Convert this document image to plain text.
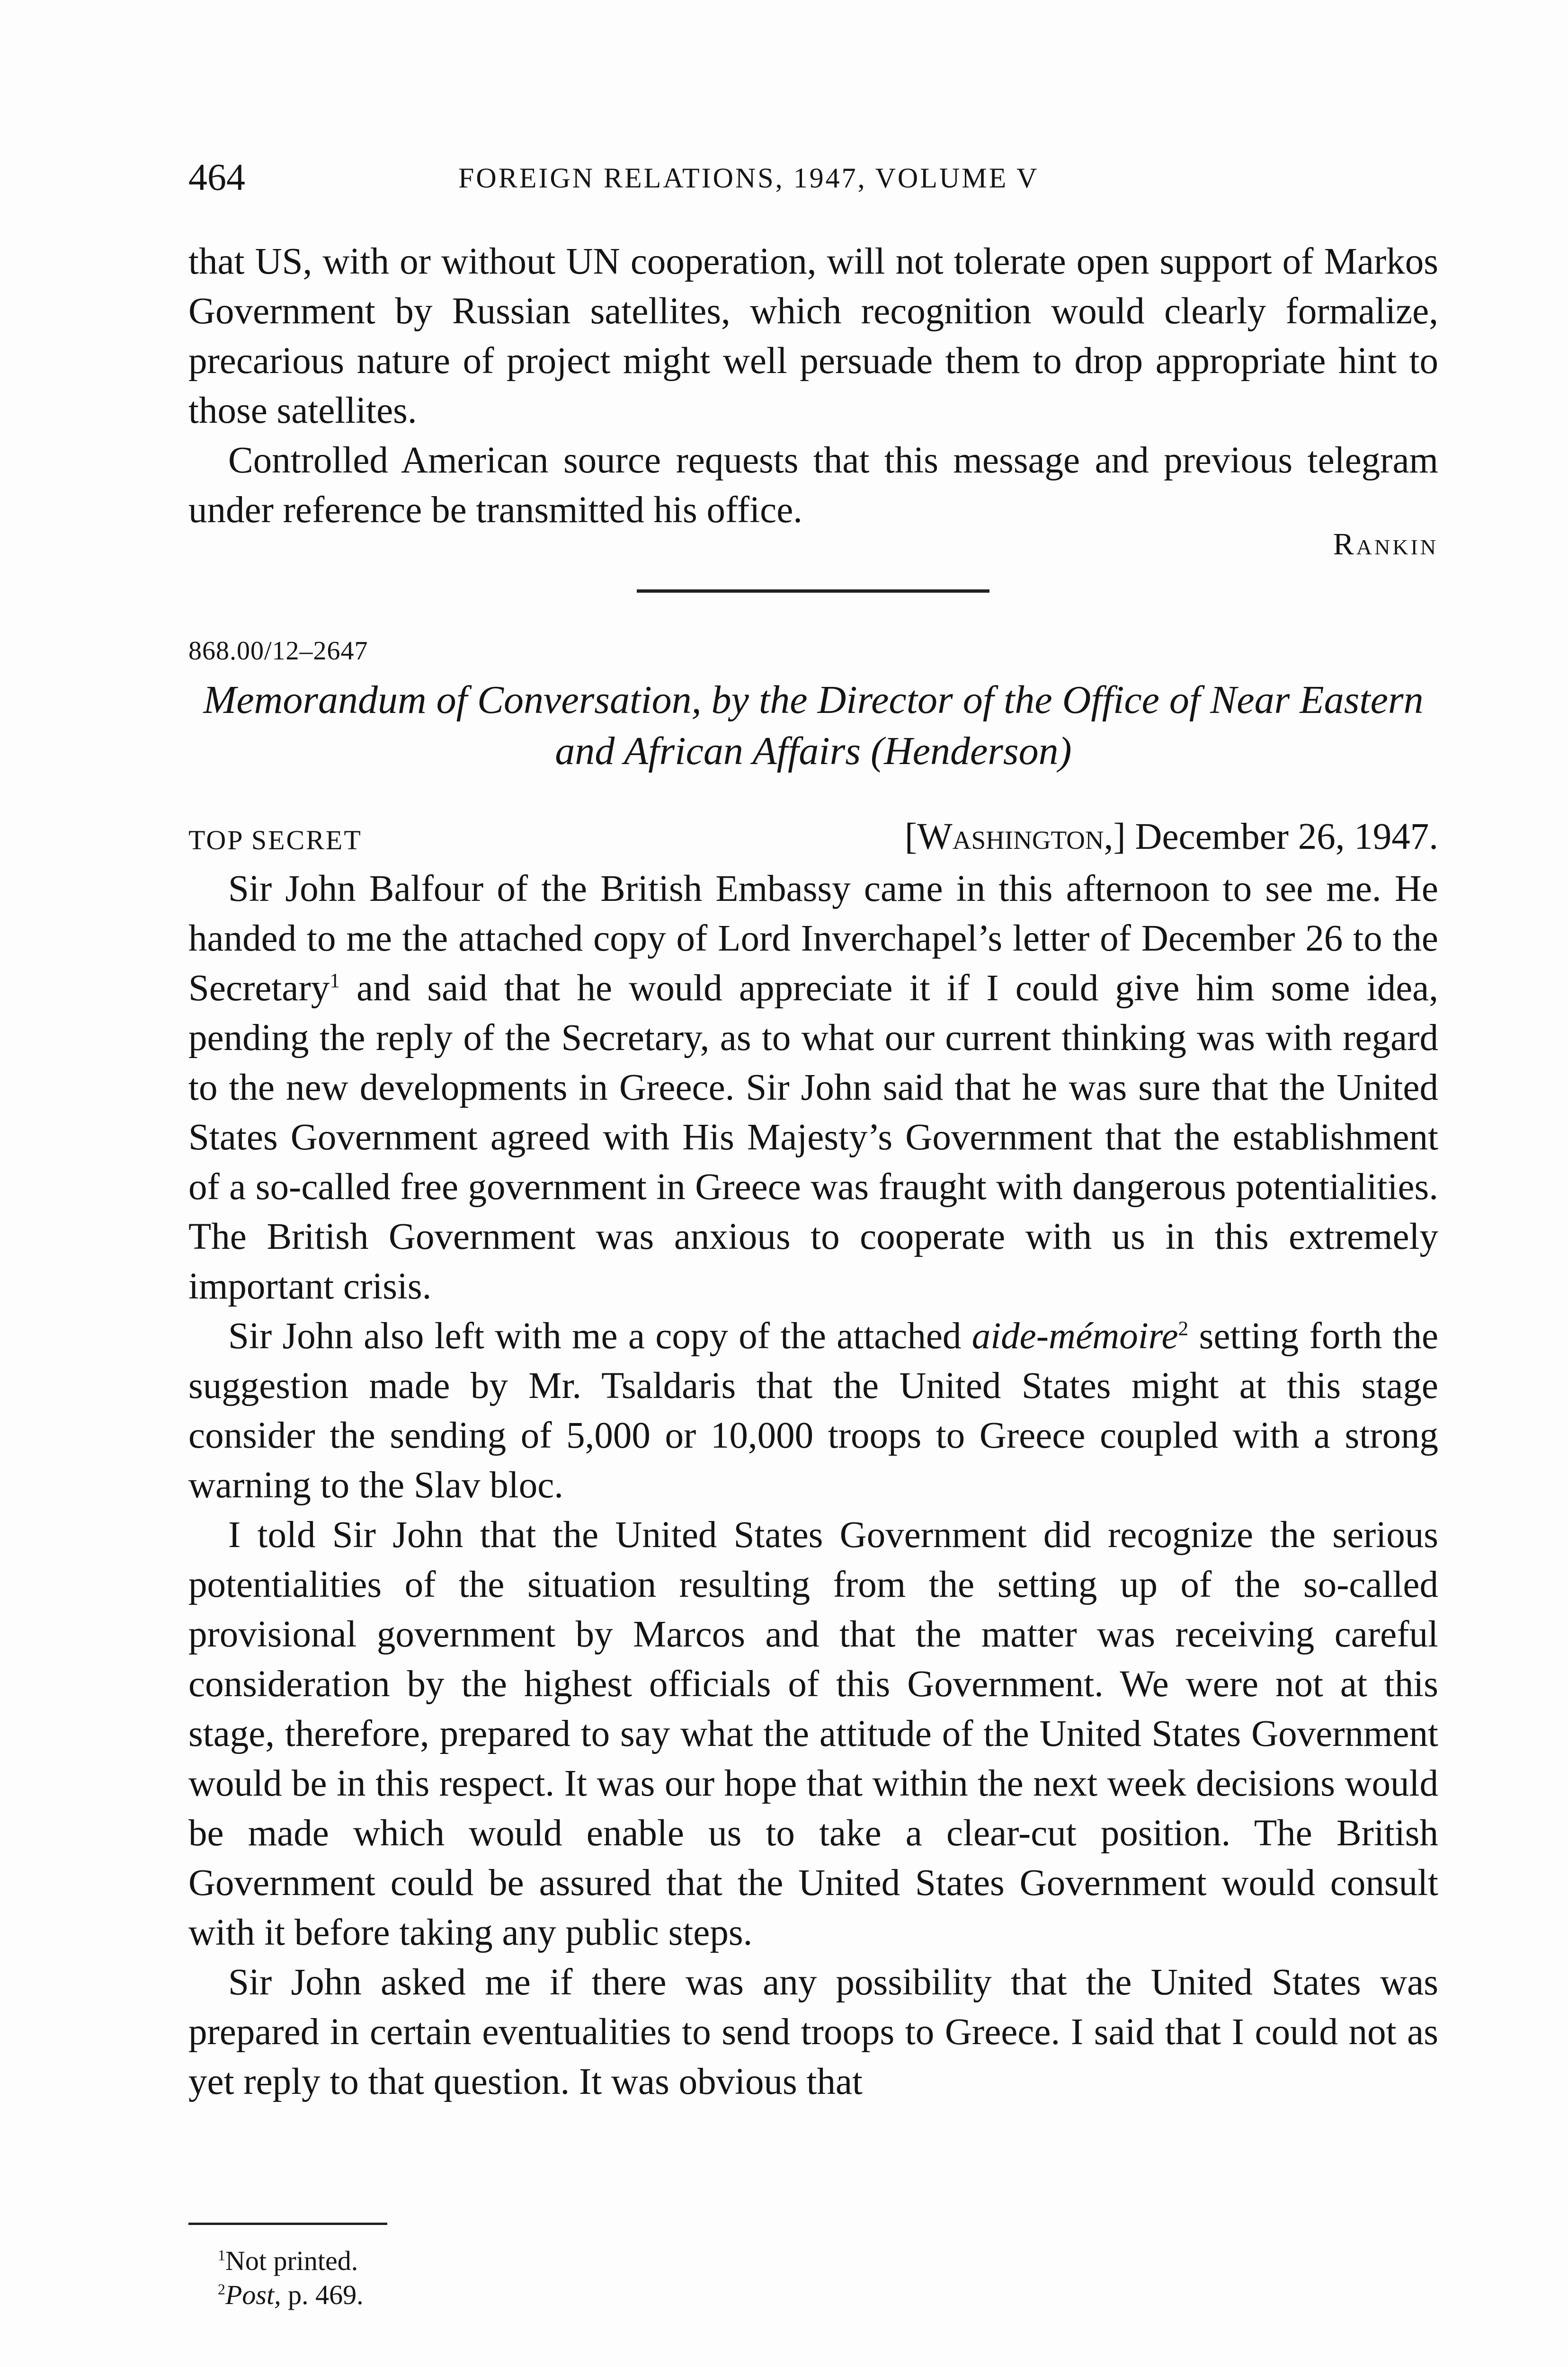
464	FOREIGN RELATIONS, 1947, VOLUME V

that US, with or without UN cooperation, will not tolerate open support of Markos Government by Russian satellites, which recognition would clearly formalize, precarious nature of project might well persuade them to drop appropriate hint to those satellites.

Controlled American source requests that this message and previous telegram under reference be transmitted his office.

Rankin
868.00/12–2647
Memorandum of Conversation, by the Director of the Office of Near Eastern and African Affairs (Henderson)
TOP SECRET	[Washington,] December 26, 1947.

Sir John Balfour of the British Embassy came in this afternoon to see me. He handed to me the attached copy of Lord Inverchapel’s letter of December 26 to the Secretary$^1$ and said that he would appreciate it if I could give him some idea, pending the reply of the Secretary, as to what our current thinking was with regard to the new developments in Greece. Sir John said that he was sure that the United States Government agreed with His Majesty’s Government that the establishment of a so-called free government in Greece was fraught with dangerous potentialities. The British Government was anxious to cooperate with us in this extremely important crisis.

Sir John also left with me a copy of the attached aide-mémoire$^2$ setting forth the suggestion made by Mr. Tsaldaris that the United States might at this stage consider the sending of 5,000 or 10,000 troops to Greece coupled with a strong warning to the Slav bloc.

I told Sir John that the United States Government did recognize the serious potentialities of the situation resulting from the setting up of the so-called provisional government by Marcos and that the matter was receiving careful consideration by the highest officials of this Government. We were not at this stage, therefore, prepared to say what the attitude of the United States Government would be in this respect. It was our hope that within the next week decisions would be made which would enable us to take a clear-cut position. The British Government could be assured that the United States Government would consult with it before taking any public steps.

Sir John asked me if there was any possibility that the United States was prepared in certain eventualities to send troops to Greece. I said that I could not as yet reply to that question. It was obvious that

$^1$Not printed.
$^2$Post, p. 469.
